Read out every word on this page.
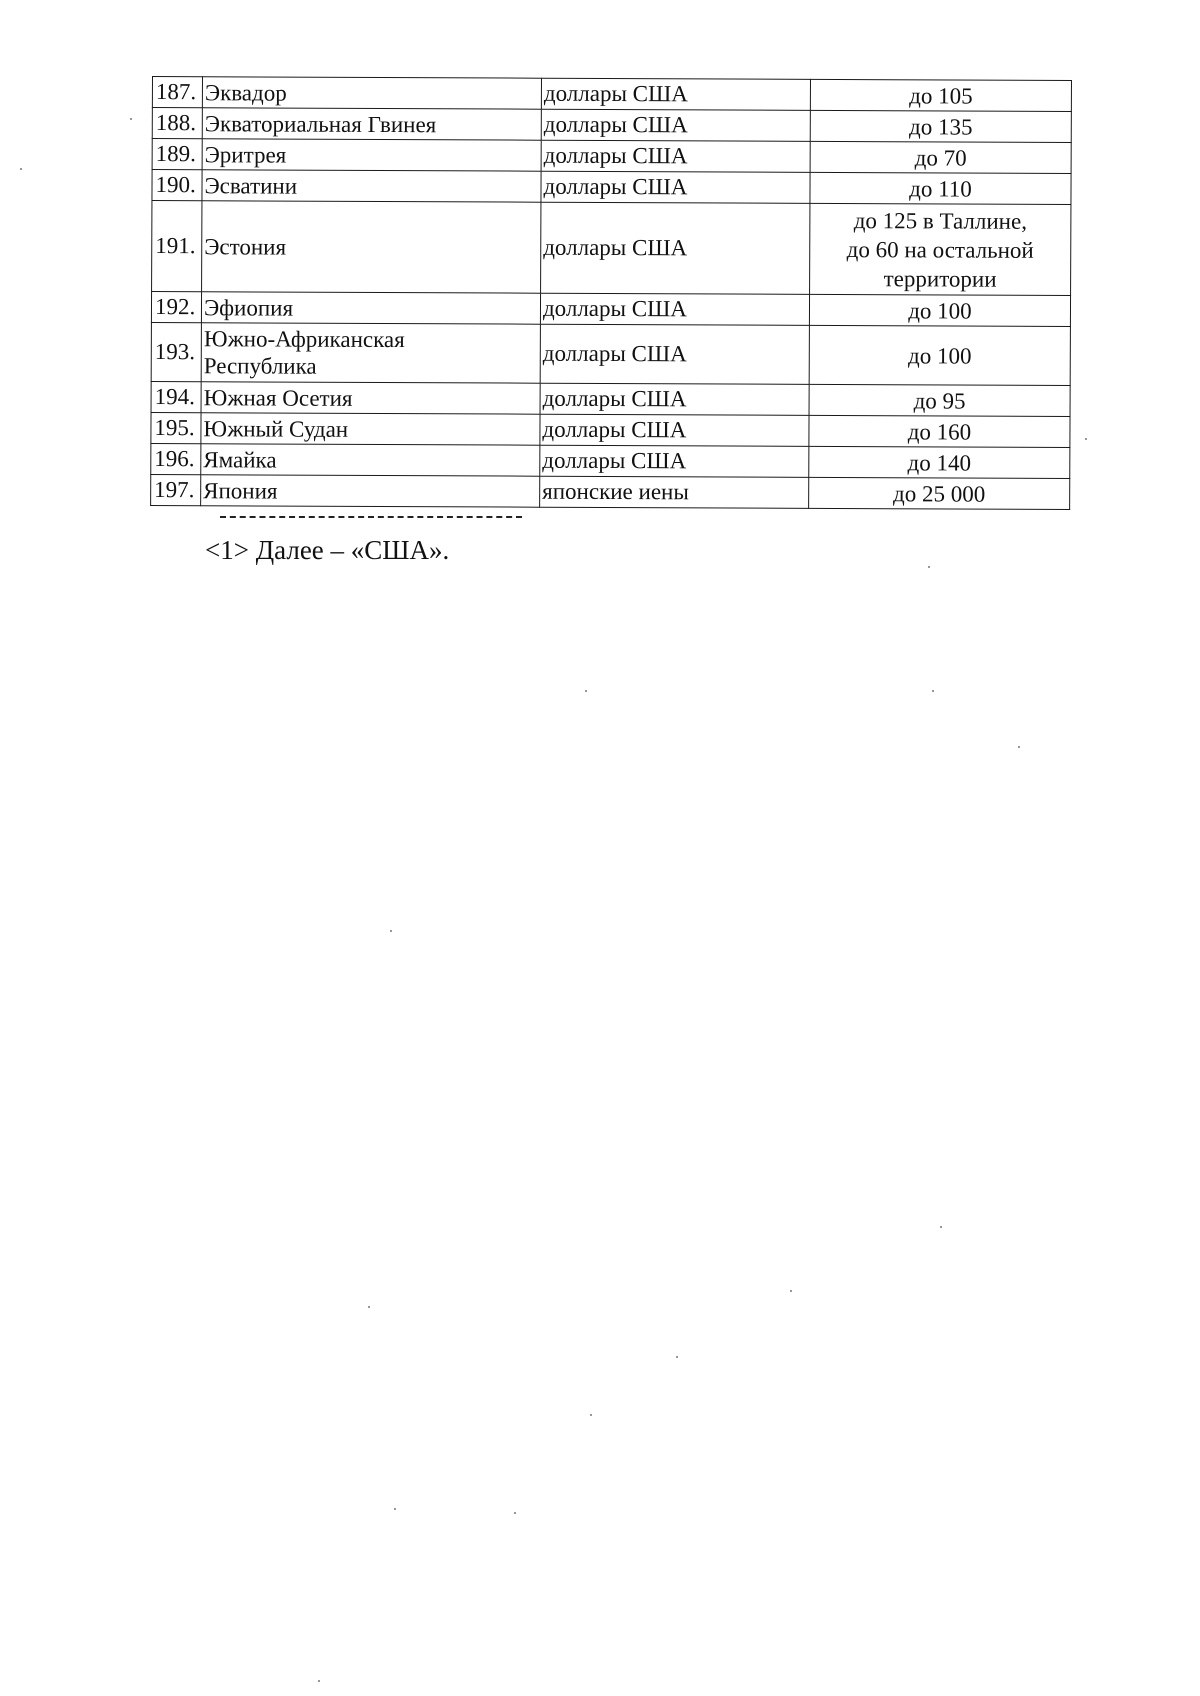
187.	Эквадор	доллары США	до 105
188.	Экваториальная Гвинея	доллары США	до 135
189.	Эритрея	доллары США	до 70
190.	Эсватини	доллары США	до 110
191.	Эстония	доллары США	до 125 в Таллине,
до 60 на остальной
территории

192.	Эфиопия	доллары США	до 100
193.	Южно-Африканская
Республика	доллары США	до 100
194.	Южная Осетия	доллары США	до 95
195.	Южный Судан	доллары США	до 160
196.	Ямайка	доллары США	до 140
197.	Япония	японские иены	до 25 000
<1> Далее – «США».
